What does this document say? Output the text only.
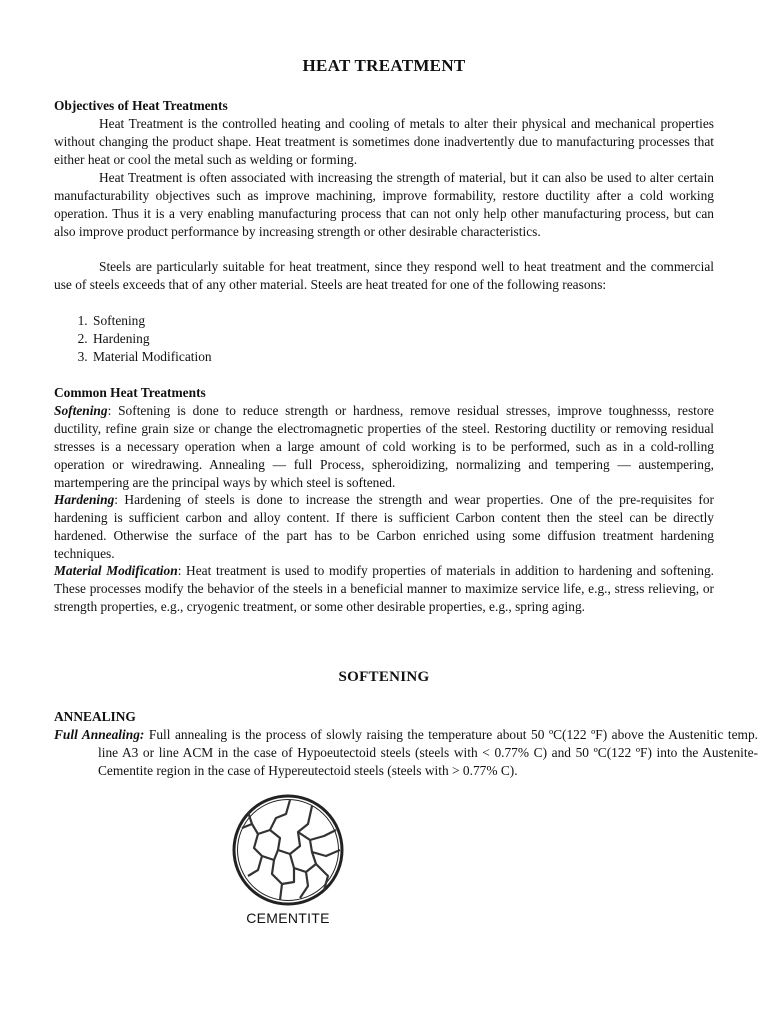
HEAT TREATMENT
Objectives of Heat Treatments

Heat Treatment is the controlled heating and cooling of metals to alter their physical and mechanical properties without changing the product shape. Heat treatment is sometimes done inadvertently due to manufacturing processes that either heat or cool the metal such as welding or forming.

Heat Treatment is often associated with increasing the strength of material, but it can also be used to alter certain manufacturability objectives such as improve machining, improve formability, restore ductility after a cold working operation. Thus it is a very enabling manufacturing process that can not only help other manufacturing process, but can also improve product performance by increasing strength or other desirable characteristics.

Steels are particularly suitable for heat treatment, since they respond well to heat treatment and the commercial use of steels exceeds that of any other material. Steels are heat treated for one of the following reasons:

1. Softening
2. Hardening
3. Material Modification
Common Heat Treatments

Softening: Softening is done to reduce strength or hardness, remove residual stresses, improve toughnesss, restore ductility, refine grain size or change the electromagnetic properties of the steel. Restoring ductility or removing residual stresses is a necessary operation when a large amount of cold working is to be performed, such as in a cold-rolling operation or wiredrawing. Annealing — full Process, spheroidizing, normalizing and tempering — austempering, martempering are the principal ways by which steel is softened.

Hardening: Hardening of steels is done to increase the strength and wear properties. One of the pre-requisites for hardening is sufficient carbon and alloy content. If there is sufficient Carbon content then the steel can be directly hardened. Otherwise the surface of the part has to be Carbon enriched using some diffusion treatment hardening techniques.

Material Modification: Heat treatment is used to modify properties of materials in addition to hardening and softening. These processes modify the behavior of the steels in a beneficial manner to maximize service life, e.g., stress relieving, or strength properties, e.g., cryogenic treatment, or some other desirable properties, e.g., spring aging.

SOFTENING
ANNEALING

Full Annealing: Full annealing is the process of slowly raising the temperature about 50 ºC(122 ºF) above the Austenitic temp. line A3 or line ACM in the case of Hypoeutectoid steels (steels with < 0.77% C) and 50 ºC(122 ºF) into the Austenite-Cementite region in the case of Hypereutectoid steels (steels with > 0.77% C).

CEMENTITE
